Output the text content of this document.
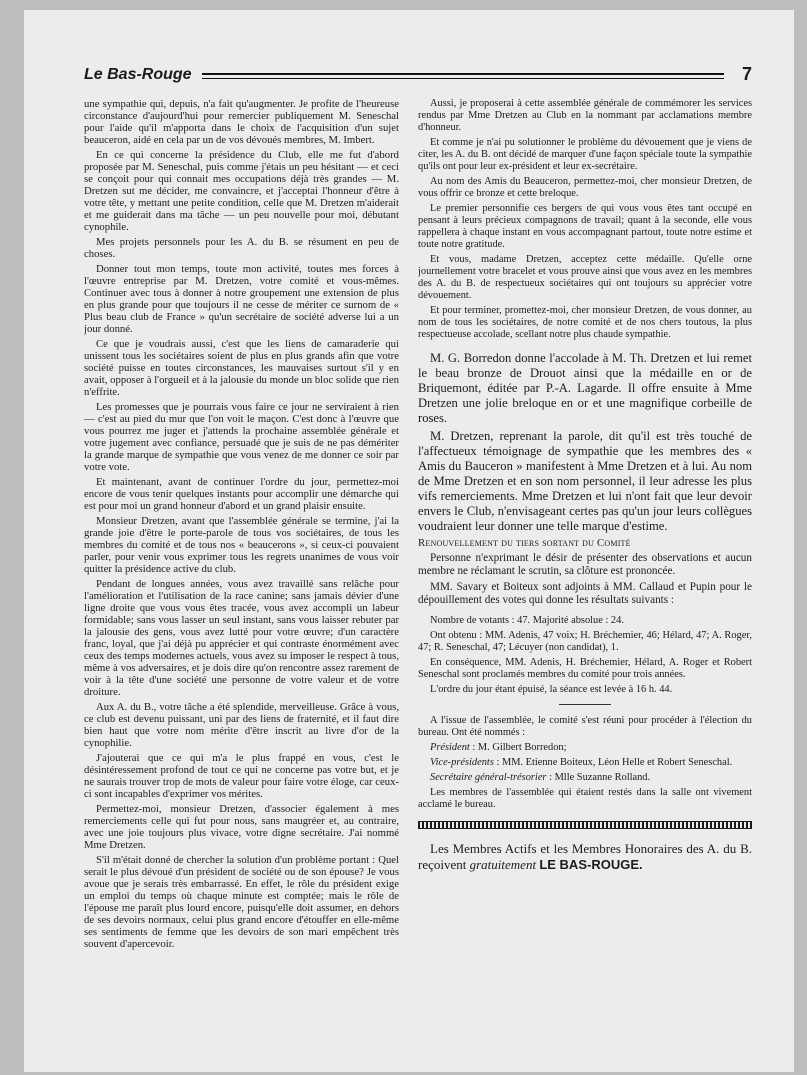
Le Bas-Rouge	7

une sympathie qui, depuis, n'a fait qu'augmenter. Je profite de l'heureuse circonstance d'aujourd'hui pour remercier publiquement M. Seneschal pour l'aide qu'il m'apporta dans le choix de l'acquisition d'un sujet beauceron, aidé en cela par un de vos dévoués membres, M. Imbert.

En ce qui concerne la présidence du Club, elle me fut d'abord proposée par M. Seneschal, puis comme j'étais un peu hésitant — et ceci se conçoit pour qui connait mes occupations déjà très grandes — M. Dretzen sut me décider, me convaincre, et j'acceptai l'honneur d'être à votre tête, y mettant une petite condition, celle que M. Dretzen m'aiderait et me guiderait dans ma tâche — un peu nouvelle pour moi, débutant cynophile.

Mes projets personnels pour les A. du B. se résument en peu de choses.

Donner tout mon temps, toute mon activité, toutes mes forces à l'œuvre entreprise par M. Dretzen, votre comité et vous-mêmes. Continuer avec tous à donner à notre groupement une extension de plus en plus grande pour que toujours il ne cesse de mériter ce surnom de « Plus beau club de France » qu'un secrétaire de société adverse lui a un jour donné.

Ce que je voudrais aussi, c'est que les liens de camaraderie qui unissent tous les sociétaires soient de plus en plus grands afin que votre société puisse en toutes circonstances, les mauvaises surtout s'il y en avait, opposer à l'orgueil et à la jalousie du monde un bloc solide que rien n'effrite.

Les promesses que je pourrais vous faire ce jour ne serviraient à rien — c'est au pied du mur que l'on voit le maçon. C'est donc à l'œuvre que vous pourrez me juger et j'attends la prochaine assemblée générale et votre jugement avec confiance, persuadé que je suis de ne pas démériter la grande marque de sympathie que vous venez de me donner ce soir par votre vote.

Et maintenant, avant de continuer l'ordre du jour, permettez-moi encore de vous tenir quelques instants pour accomplir une démarche qui est pour moi un grand honneur d'abord et un grand plaisir ensuite.

Monsieur Dretzen, avant que l'assemblée générale se termine, j'ai la grande joie d'être le porte-parole de tous vos sociétaires, de tous les membres du comité et de tous nos « beaucerons », si ceux-ci pouvaient parler, pour venir vous exprimer tous les regrets unanimes de vous voir quitter la présidence active du club.

Pendant de longues années, vous avez travaillé sans relâche pour l'amélioration et l'utilisation de la race canine; sans jamais dévier d'une ligne droite que vous vous êtes tracée, vous avez accompli un labeur formidable; sans vous lasser un seul instant, sans vous laisser rebuter par la jalousie des gens, vous avez lutté pour votre œuvre; d'un caractère franc, loyal, que j'ai déjà pu apprécier et qui contraste énormément avec ceux des temps modernes actuels, vous avez su imposer le respect à tous, même à vos adversaires, et je dois dire qu'on rencontre assez rarement de voir à la tête d'une société une personne de votre valeur et de votre droiture.

Aux A. du B., votre tâche a été splendide, merveilleuse. Grâce à vous, ce club est devenu puissant, uni par des liens de fraternité, et il faut dire bien haut que votre nom mérite d'être inscrit au livre d'or de la cynophilie.

J'ajouterai que ce qui m'a le plus frappé en vous, c'est le désintéressement profond de tout ce qui ne concerne pas votre but, et je ne saurais trouver trop de mots de valeur pour faire votre éloge, car ceux-ci sont incapables d'exprimer vos mérites.

Permettez-moi, monsieur Dretzen, d'associer également à mes remerciements celle qui fut pour nous, sans maugréer et, au contraire, avec une joie toujours plus vivace, votre digne secrétaire. J'ai nommé Mme Dretzen.

S'il m'était donné de chercher la solution d'un problème portant : Quel serait le plus dévoué d'un président de société ou de son épouse? Je vous avoue que je serais très embarrassé. En effet, le rôle du président exige un emploi du temps où chaque minute est comptée; mais le rôle de l'épouse me paraît plus lourd encore, puisqu'elle doit assumer, en dehors de ses devoirs normaux, celui plus grand encore d'étouffer en elle-même ses sentiments de femme que les devoirs de son mari empêchent très souvent d'apercevoir.

Aussi, je proposerai à cette assemblée générale de commémorer les services rendus par Mme Dretzen au Club en la nommant par acclamations membre d'honneur.

Et comme je n'ai pu solutionner le problème du dévouement que je viens de citer, les A. du B. ont décidé de marquer d'une façon spéciale toute la sympathie qu'ils ont pour leur ex-président et leur ex-secrétaire.

Au nom des Amis du Beauceron, permettez-moi, cher monsieur Dretzen, de vous offrir ce bronze et cette breloque.

Le premier personnifie ces bergers de qui vous vous êtes tant occupé en pensant à leurs précieux compagnons de travail; quant à la seconde, elle vous rappellera à chaque instant en vous accompagnant partout, toute notre estime et toute notre gratitude.

Et vous, madame Dretzen, acceptez cette médaille. Qu'elle orne journellement votre bracelet et vous prouve ainsi que vous avez en les membres des A. du B. de respectueux sociétaires qui ont toujours su apprécier votre dévouement.

Et pour terminer, promettez-moi, cher monsieur Dretzen, de vous donner, au nom de tous les sociétaires, de notre comité et de nos chers toutous, la plus respectueuse accolade, scellant notre plus chaude sympathie.

M. G. Borredon donne l'accolade à M. Th. Dretzen et lui remet le beau bronze de Drouot ainsi que la médaille en or de Briquemont, éditée par P.-A. Lagarde. Il offre ensuite à Mme Dretzen une jolie breloque en or et une magnifique corbeille de roses.

M. Dretzen, reprenant la parole, dit qu'il est très touché de l'affectueux témoignage de sympathie que les membres des « Amis du Bauceron » manifestent à Mme Dretzen et à lui. Au nom de Mme Dretzen et en son nom personnel, il leur adresse les plus vifs remerciements. Mme Dretzen et lui n'ont fait que leur devoir envers le Club, n'envisageant certes pas qu'un jour leurs collègues voudraient leur donner une telle marque d'estime.

Renouvellement du tiers sortant du Comité

Personne n'exprimant le désir de présenter des observations et aucun membre ne réclamant le scrutin, sa clôture est prononcée.

MM. Savary et Boiteux sont adjoints à MM. Callaud et Pupin pour le dépouillement des votes qui donne les résultats suivants :

Nombre de votants : 47. Majorité absolue : 24.

Ont obtenu : MM. Adenis, 47 voix; H. Bréchemier, 46; Hélard, 47; A. Roger, 47; R. Seneschal, 47; Lécuyer (non candidat), 1.

En conséquence, MM. Adenis, H. Bréchemier, Hélard, A. Roger et Robert Seneschal sont proclamés membres du comité pour trois années.

L'ordre du jour étant épuisé, la séance est levée à 16 h. 44.

A l'issue de l'assemblée, le comité s'est réuni pour procéder à l'élection du bureau. Ont été nommés :

Président : M. Gilbert Borredon;

Vice-présidents : MM. Etienne Boiteux, Léon Helle et Robert Seneschal.

Secrétaire général-trésorier : Mlle Suzanne Rolland.

Les membres de l'assemblée qui étaient restés dans la salle ont vivement acclamé le bureau.

Les Membres Actifs et les Membres Honoraires des A. du B. reçoivent gratuitement LE BAS-ROUGE.
